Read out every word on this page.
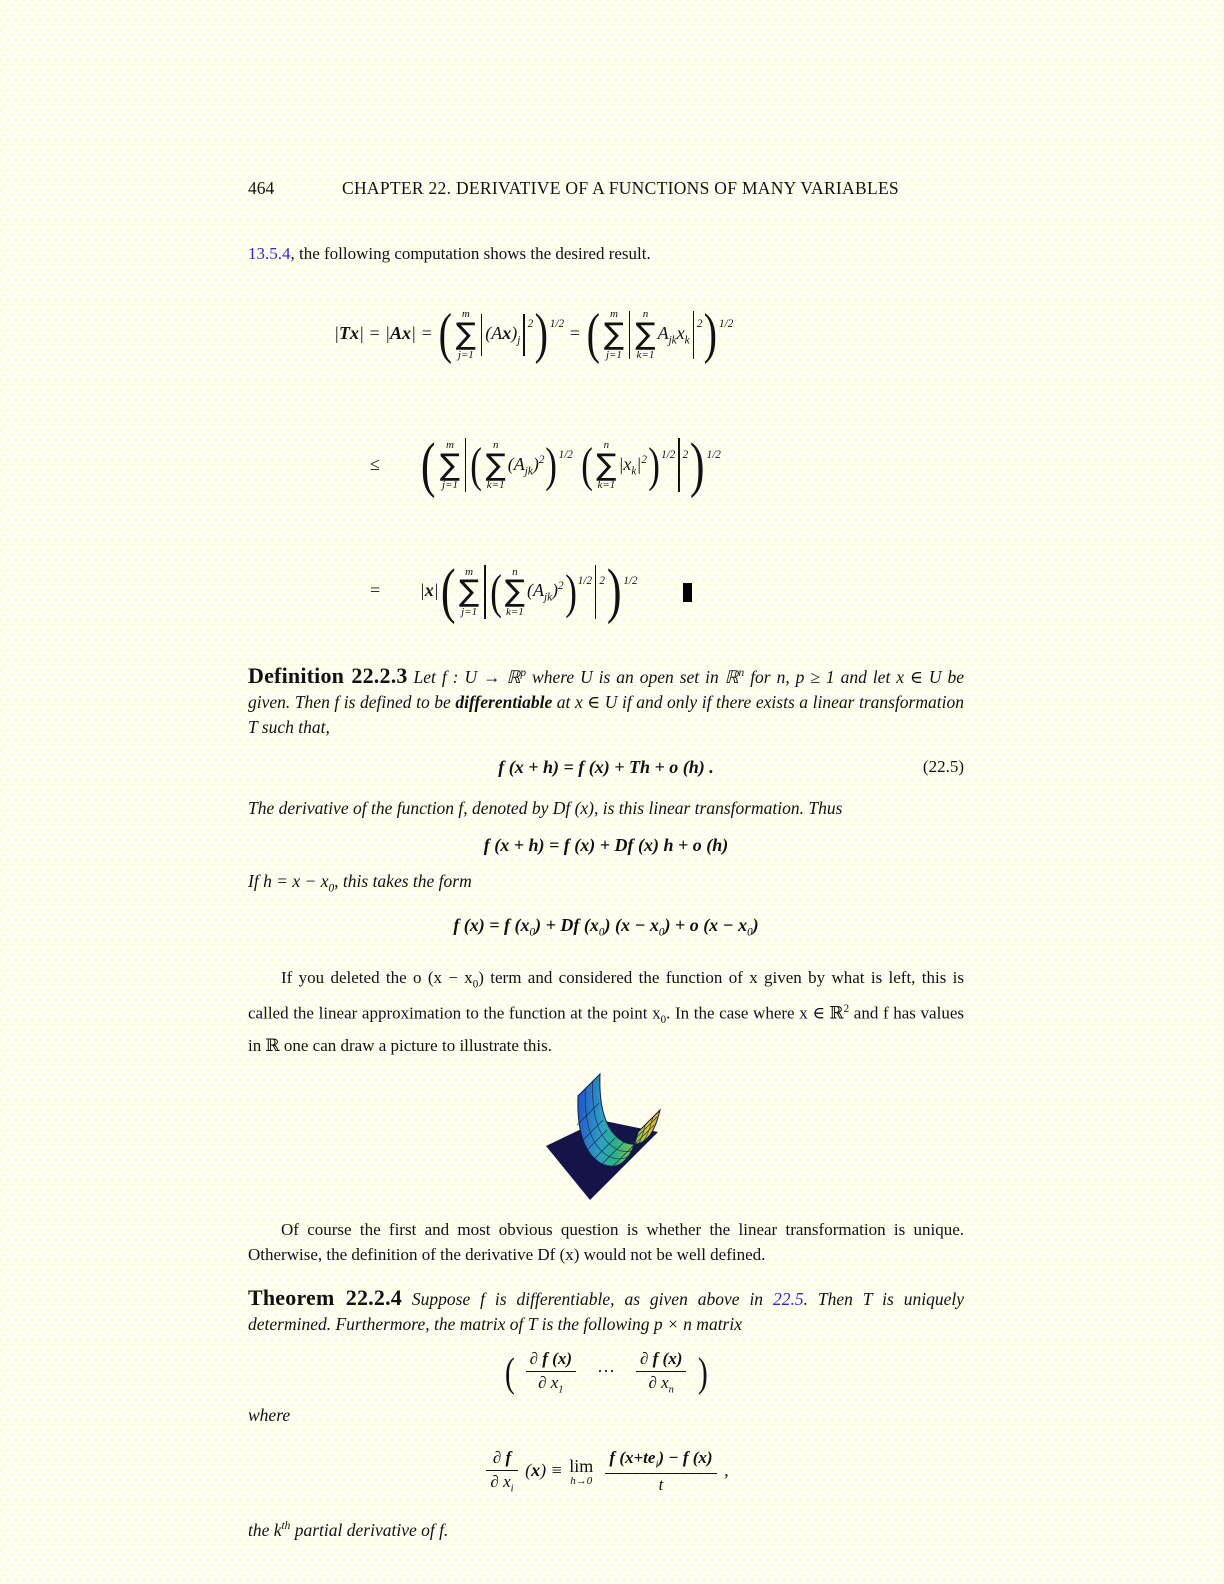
464	CHAPTER 22. DERIVATIVE OF A FUNCTIONS OF MANY VARIABLES

13.5.4, the following computation shows the desired result.

|Tx| = |Ax| = ( m
∑
j=1 ‖ $(Ax)_j$ ‖ $^2$) $^{1/2}$ = ( m
∑
j=1 ‖ n
∑
k=1
$A_{jk}x_k$ ‖ $^2$) $^{1/2}$
≤ ( m
∑
j=1 ‖ ( n
∑
k=1
$(A_{jk})^2)^{1/2}$ ( n
∑
k=1
$|x_k|^2)^{1/2}$ ‖ $^2$) $^{1/2}$
= |x|( m
∑
j=1 ‖ ( n
∑
k=1
$(A_{jk})^2)^{1/2}$ ‖ $^2$) $^{1/2}$

Definition 22.2.3 Let f : U → ℝ$^p$ where U is an open set in ℝ$^n$ for n, p ≥ 1 and let x ∈ U be given. Then f is defined to be differentiable at x ∈ U if and only if there exists a linear transformation T such that,

f (x + h) = f (x) + Th + o (h) .	(22.5)

The derivative of the function f, denoted by Df (x), is this linear transformation. Thus

f (x + h) = f (x) + Df (x) h + o (h)

If $h = x - x_0$, this takes the form

f (x) = f $(x_0) + Df$ $(x_0) (x - x_0) + o$ $(x - x_0)$

If you deleted the o $(x - x_0)$ term and considered the function of x given by what is left, this is called the linear approximation to the function at the point $x_0$. In the case where x ∈ ℝ$^2$ and f has values in ℝ one can draw a picture to illustrate this.

Of course the first and most obvious question is whether the linear transformation is unique. Otherwise, the definition of the derivative Df (x) would not be well defined.

Theorem 22.2.4 Suppose f is differentiable, as given above in 22.5. Then T is uniquely determined. Furthermore, the matrix of T is the following p × n matrix

( $\frac{\partial f (x)}{\partial x_1}$ ··· $\frac{\partial f (x)}{\partial x_n}$ )

where

$\frac{\partial f}{\partial x_i} (x) \equiv \lim$
$h\to 0 \frac{f (x+te_i) - f (x)}{t}$ ,

the $k^{th}$ partial derivative of f.
